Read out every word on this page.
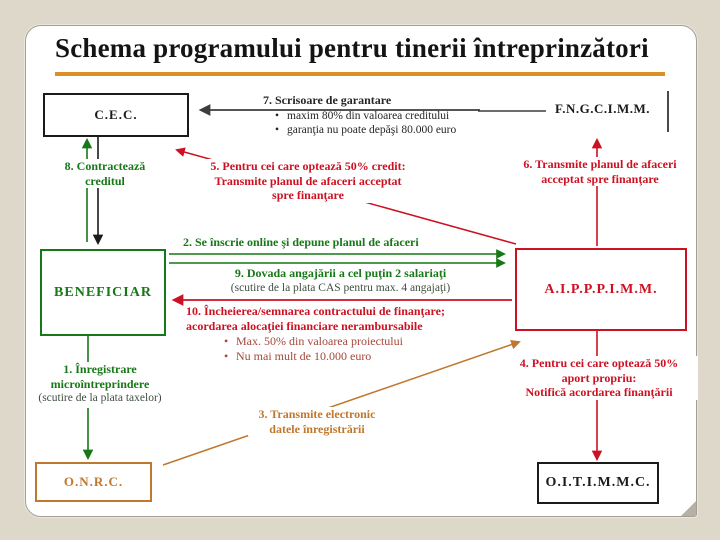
Schema programului pentru tinerii întreprinzători
C.E.C.	F.N.G.C.I.M.M.
BENEFICIAR	A.I.P.P.P.I.M.M.
O.N.R.C.	O.I.T.I.M.M.C.
7. Scrisoare de garantare
• maxim 80% din valoarea creditului
• garanţia nu poate depăşi 80.000 euro
8. Contractează
creditul
5. Pentru cei care optează 50% credit:
Transmite planul de afaceri acceptat
spre finanţare
6. Transmite planul de afaceri
acceptat spre finanţare
2. Se înscrie online şi depune planul de afaceri
9. Dovada angajării a cel puţin 2 salariaţi
(scutire de la plata CAS pentru max. 4 angajaţi)
10. Încheierea/semnarea contractului de finanţare;
acordarea alocaţiei financiare nerambursabile
• Max. 50% din valoarea proiectului
• Nu mai mult de 10.000 euro
1. Înregistrare
microîntreprindere
(scutire de la plata taxelor)
3. Transmite electronic
datele înregistrării
4. Pentru cei care optează 50%
aport propriu:
Notifică acordarea finanţării
